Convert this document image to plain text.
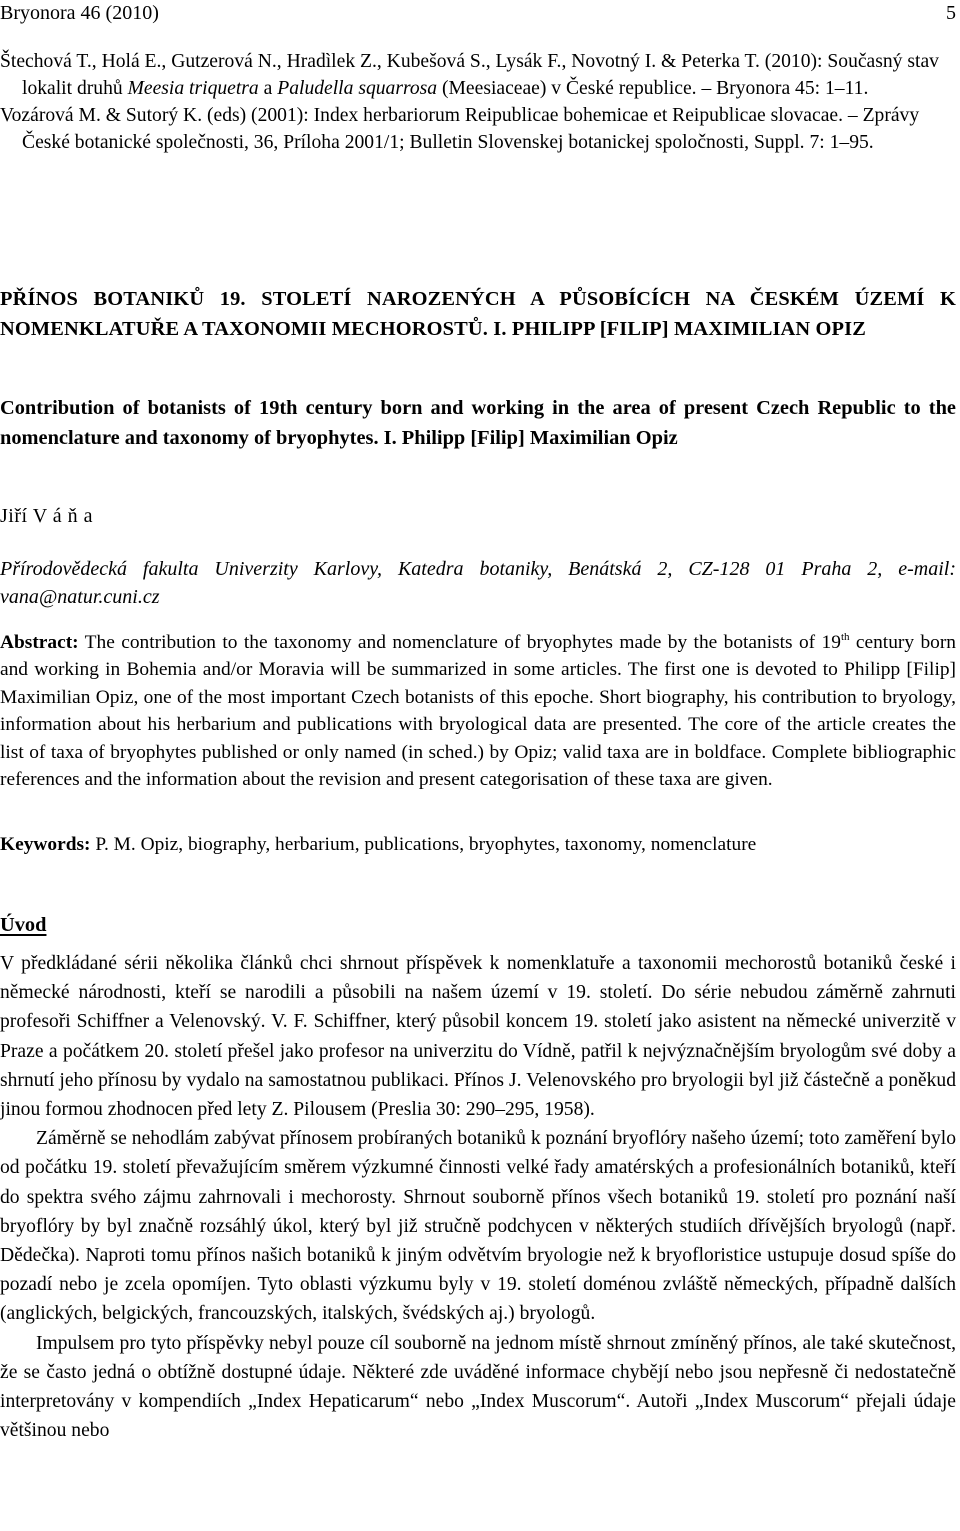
Bryonora 46 (2010)	5

Štechová T., Holá E., Gutzerová N., Hradìlek Z., Kubešová S., Lysák F., Novotný I. & Peterka T. (2010): Současný stav lokalit druhů Meesia triquetra a Paludella squarrosa (Meesiaceae) v České republice. – Bryonora 45: 1–11.

Vozárová M. & Sutorý K. (eds) (2001): Index herbariorum Reipublicae bohemicae et Reipublicae slovacae. – Zprávy České botanické společnosti, 36, Príloha 2001/1; Bulletin Slovenskej botanickej spoločnosti, Suppl. 7: 1–95.

PŘÍNOS BOTANIKŮ 19. STOLETÍ NAROZENÝCH A PŮSOBÍCÍCH NA ČESKÉM ÚZEMÍ K NOMENKLATUŘE A TAXONOMII MECHOROSTŮ. I. PHILIPP [FILIP] MAXIMILIAN OPIZ
Contribution of botanists of 19th century born and working in the area of present Czech Republic to the nomenclature and taxonomy of bryophytes. I. Philipp [Filip] Maximilian Opiz
Jiří V á ň a
Přírodovědecká fakulta Univerzity Karlovy, Katedra botaniky, Benátská 2, CZ-128 01 Praha 2, e-mail: vana@natur.cuni.cz
Abstract: The contribution to the taxonomy and nomenclature of bryophytes made by the botanists of 19th century born and working in Bohemia and/or Moravia will be summarized in some articles. The first one is devoted to Philipp [Filip] Maximilian Opiz, one of the most important Czech botanists of this epoche. Short biography, his contribution to bryology, information about his herbarium and publications with bryological data are presented. The core of the article creates the list of taxa of bryophytes published or only named (in sched.) by Opiz; valid taxa are in boldface. Complete bibliographic references and the information about the revision and present categorisation of these taxa are given.
Keywords: P. M. Opiz, biography, herbarium, publications, bryophytes, taxonomy, nomenclature
Úvod

V předkládané sérii několika článků chci shrnout příspěvek k nomenklatuře a taxonomii mechorostů botaniků české i německé národnosti, kteří se narodili a působili na našem území v 19. století. Do série nebudou záměrně zahrnuti profesoři Schiffner a Velenovský. V. F. Schiffner, který působil koncem 19. století jako asistent na německé univerzitě v Praze a počátkem 20. století přešel jako profesor na univerzitu do Vídně, patřil k nejvýznačnějším bryologům své doby a shrnutí jeho přínosu by vydalo na samostatnou publikaci. Přínos J. Velenovského pro bryologii byl již částečně a poněkud jinou formou zhodnocen před lety Z. Pilousem (Preslia 30: 290–295, 1958).

Záměrně se nehodlám zabývat přínosem probíraných botaniků k poznání bryoflóry našeho území; toto zaměření bylo od počátku 19. století převažujícím směrem výzkumné činnosti velké řady amatérských a profesionálních botaniků, kteří do spektra svého zájmu zahrnovali i mechorosty. Shrnout souborně přínos všech botaniků 19. století pro poznání naší bryoflóry by byl značně rozsáhlý úkol, který byl již stručně podchycen v některých studiích dřívějších bryologů (např. Dědečka). Naproti tomu přínos našich botaniků k jiným odvětvím bryologie než k bryofloristice ustupuje dosud spíše do pozadí nebo je zcela opomíjen. Tyto oblasti výzkumu byly v 19. století doménou zvláště německých, případně dalších (anglických, belgických, francouzských, italských, švédských aj.) bryologů.

Impulsem pro tyto příspěvky nebyl pouze cíl souborně na jednom místě shrnout zmíněný přínos, ale také skutečnost, že se často jedná o obtížně dostupné údaje. Některé zde uváděné informace chybějí nebo jsou nepřesně či nedostatečně interpretovány v kompendiích „Index Hepaticarum“ nebo „Index Muscorum“. Autoři „Index Muscorum“ přejali údaje většinou nebo
